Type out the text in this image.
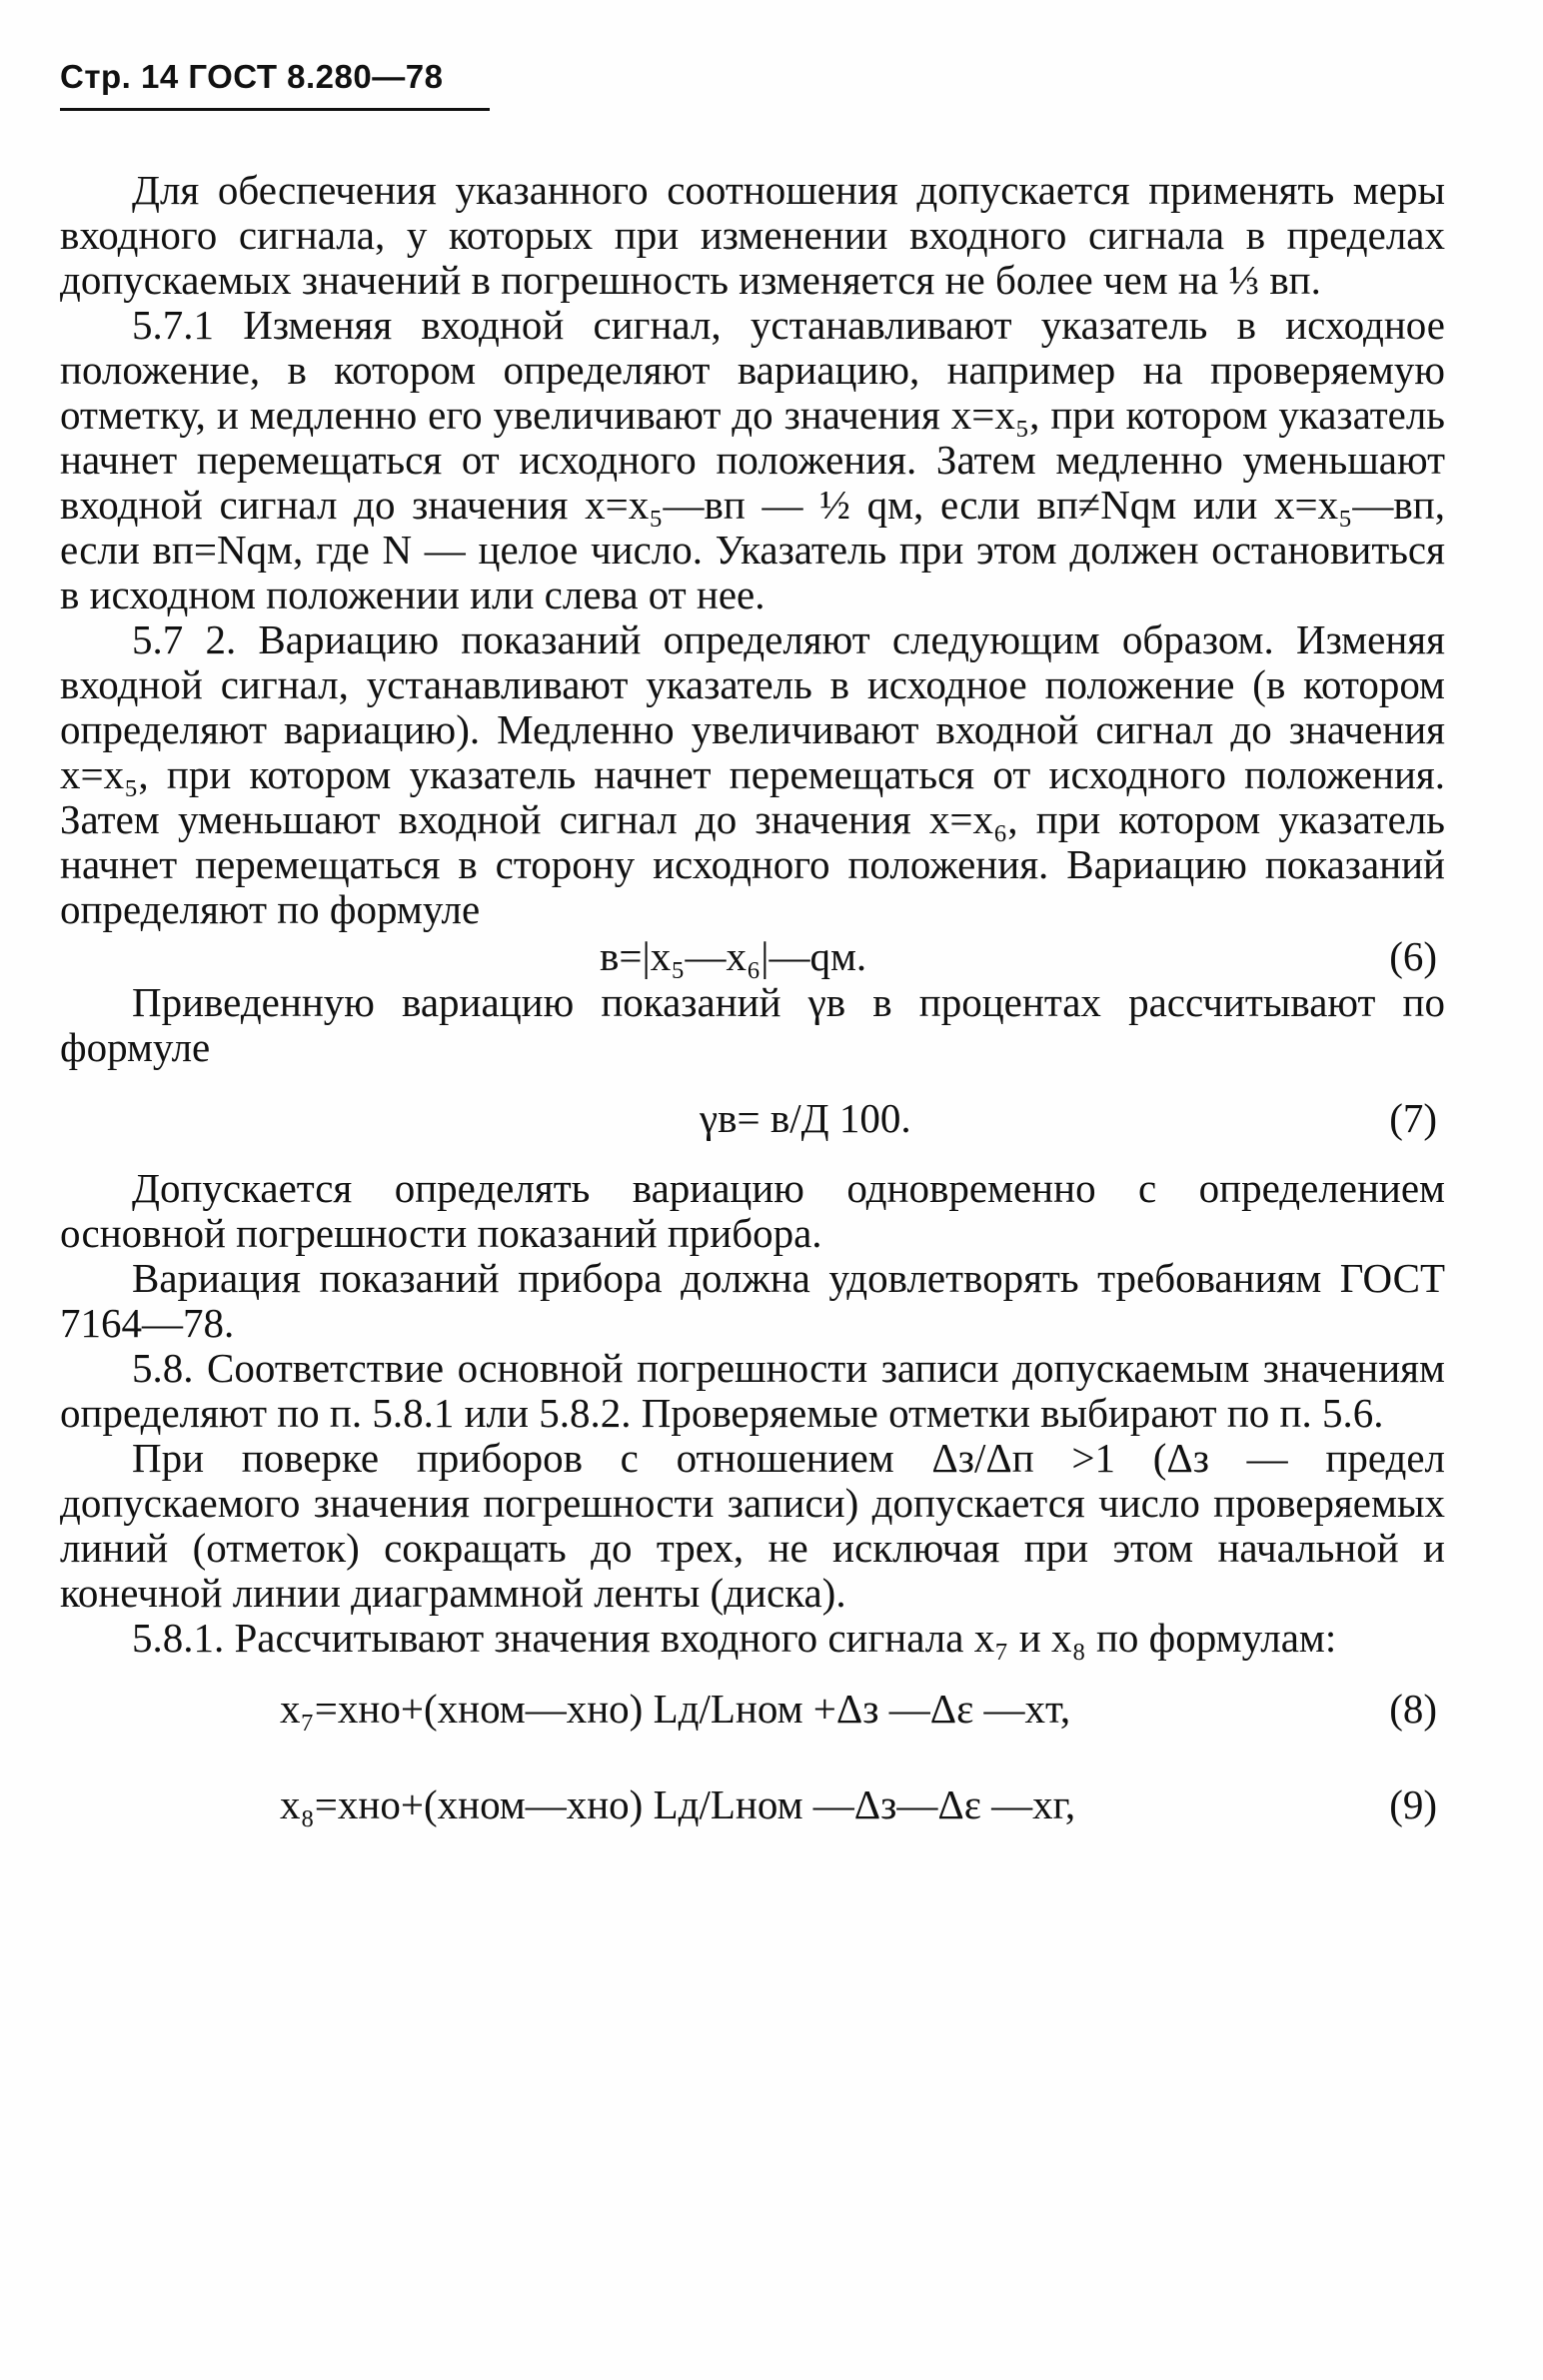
Стр. 14 ГОСТ 8.280—78

Для обеспечения указанного соотношения допускается применять меры входного сигнала, у которых при изменении входного сигнала в пределах допускаемых значений в погрешность изменяется не более чем на ⅓ вп.

5.7.1 Изменяя входной сигнал, устанавливают указатель в исходное положение, в котором определяют вариацию, например на проверяемую отметку, и медленно его увеличивают до значения x=x₅, при котором указатель начнет перемещаться от исходного положения. Затем медленно уменьшают входной сигнал до значения x=x₅—вп — ½ qм, если вп≠Nqм или x=x₅—вп, если вп=Nqм, где N — целое число. Указатель при этом должен остановиться в исходном положении или слева от нее.

5.7 2. Вариацию показаний определяют следующим образом. Изменяя входной сигнал, устанавливают указатель в исходное положение (в котором определяют вариацию). Медленно увеличивают входной сигнал до значения x=x₅, при котором указатель начнет перемещаться от исходного положения. Затем уменьшают входной сигнал до значения x=x₆, при котором указатель начнет перемещаться в сторону исходного положения. Вариацию показаний определяют по формуле

в=|x₅—x₆|—qм.	(6)

Приведенную вариацию показаний γв в процентах рассчитывают по формуле

γв= в/Д 100.	(7)

Допускается определять вариацию одновременно с определением основной погрешности показаний прибора.

Вариация показаний прибора должна удовлетворять требованиям ГОСТ 7164—78.

5.8. Соответствие основной погрешности записи допускаемым значениям определяют по п. 5.8.1 или 5.8.2. Проверяемые отметки выбирают по п. 5.6.

При поверке приборов с отношением Δз/Δп >1 (Δз — предел допускаемого значения погрешности записи) допускается число проверяемых линий (отметок) сокращать до трех, не исключая при этом начальной и конечной линии диаграммной ленты (диска).

5.8.1. Рассчитывают значения входного сигнала x₇ и x₈ по формулам:

x₇=xно+(xном—xно) Lд/Lном +Δз —Δε —xт,	(8)
x₈=xно+(xном—xно) Lд/Lном —Δз—Δε —xг,	(9)
